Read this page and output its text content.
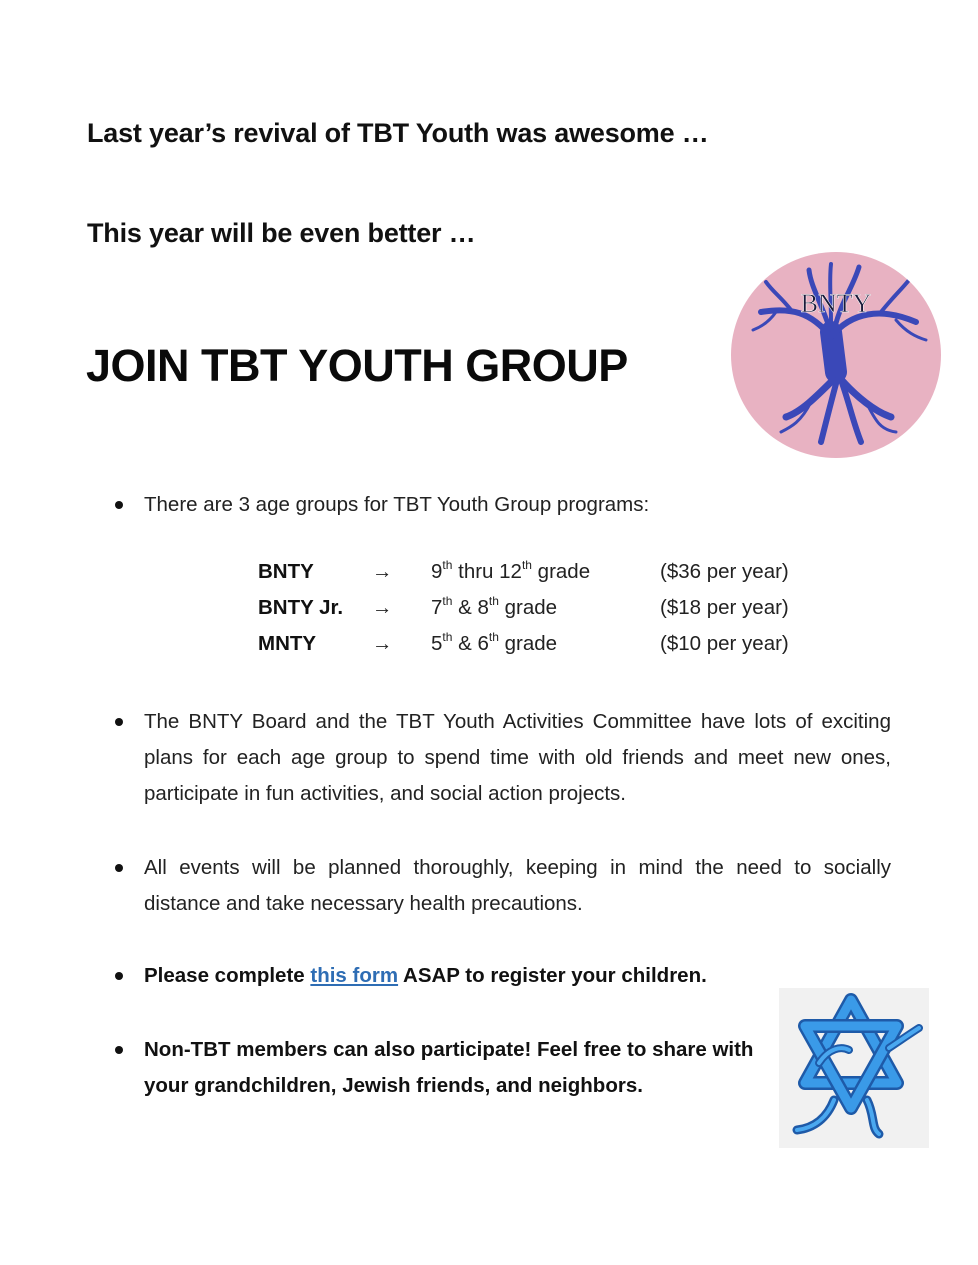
Last year’s revival of TBT Youth was awesome …
This year will be even better …
JOIN TBT YOUTH GROUP
BNTY
There are 3 age groups for TBT Youth Group programs:
BNTY	→ 9th thru 12th grade	($36 per year)
BNTY Jr. → 7th & 8th grade	($18 per year)
MNTY	→ 5th & 6th grade	($10 per year)
The BNTY Board and the TBT Youth Activities Committee have lots of exciting plans for each age group to spend time with old friends and meet new ones, participate in fun activities, and social action projects.
All events will be planned thoroughly, keeping in mind the need to socially distance and take necessary health precautions.
Please complete this form ASAP to register your children.
Non-TBT members can also participate! Feel free to share with your grandchildren, Jewish friends, and neighbors.
